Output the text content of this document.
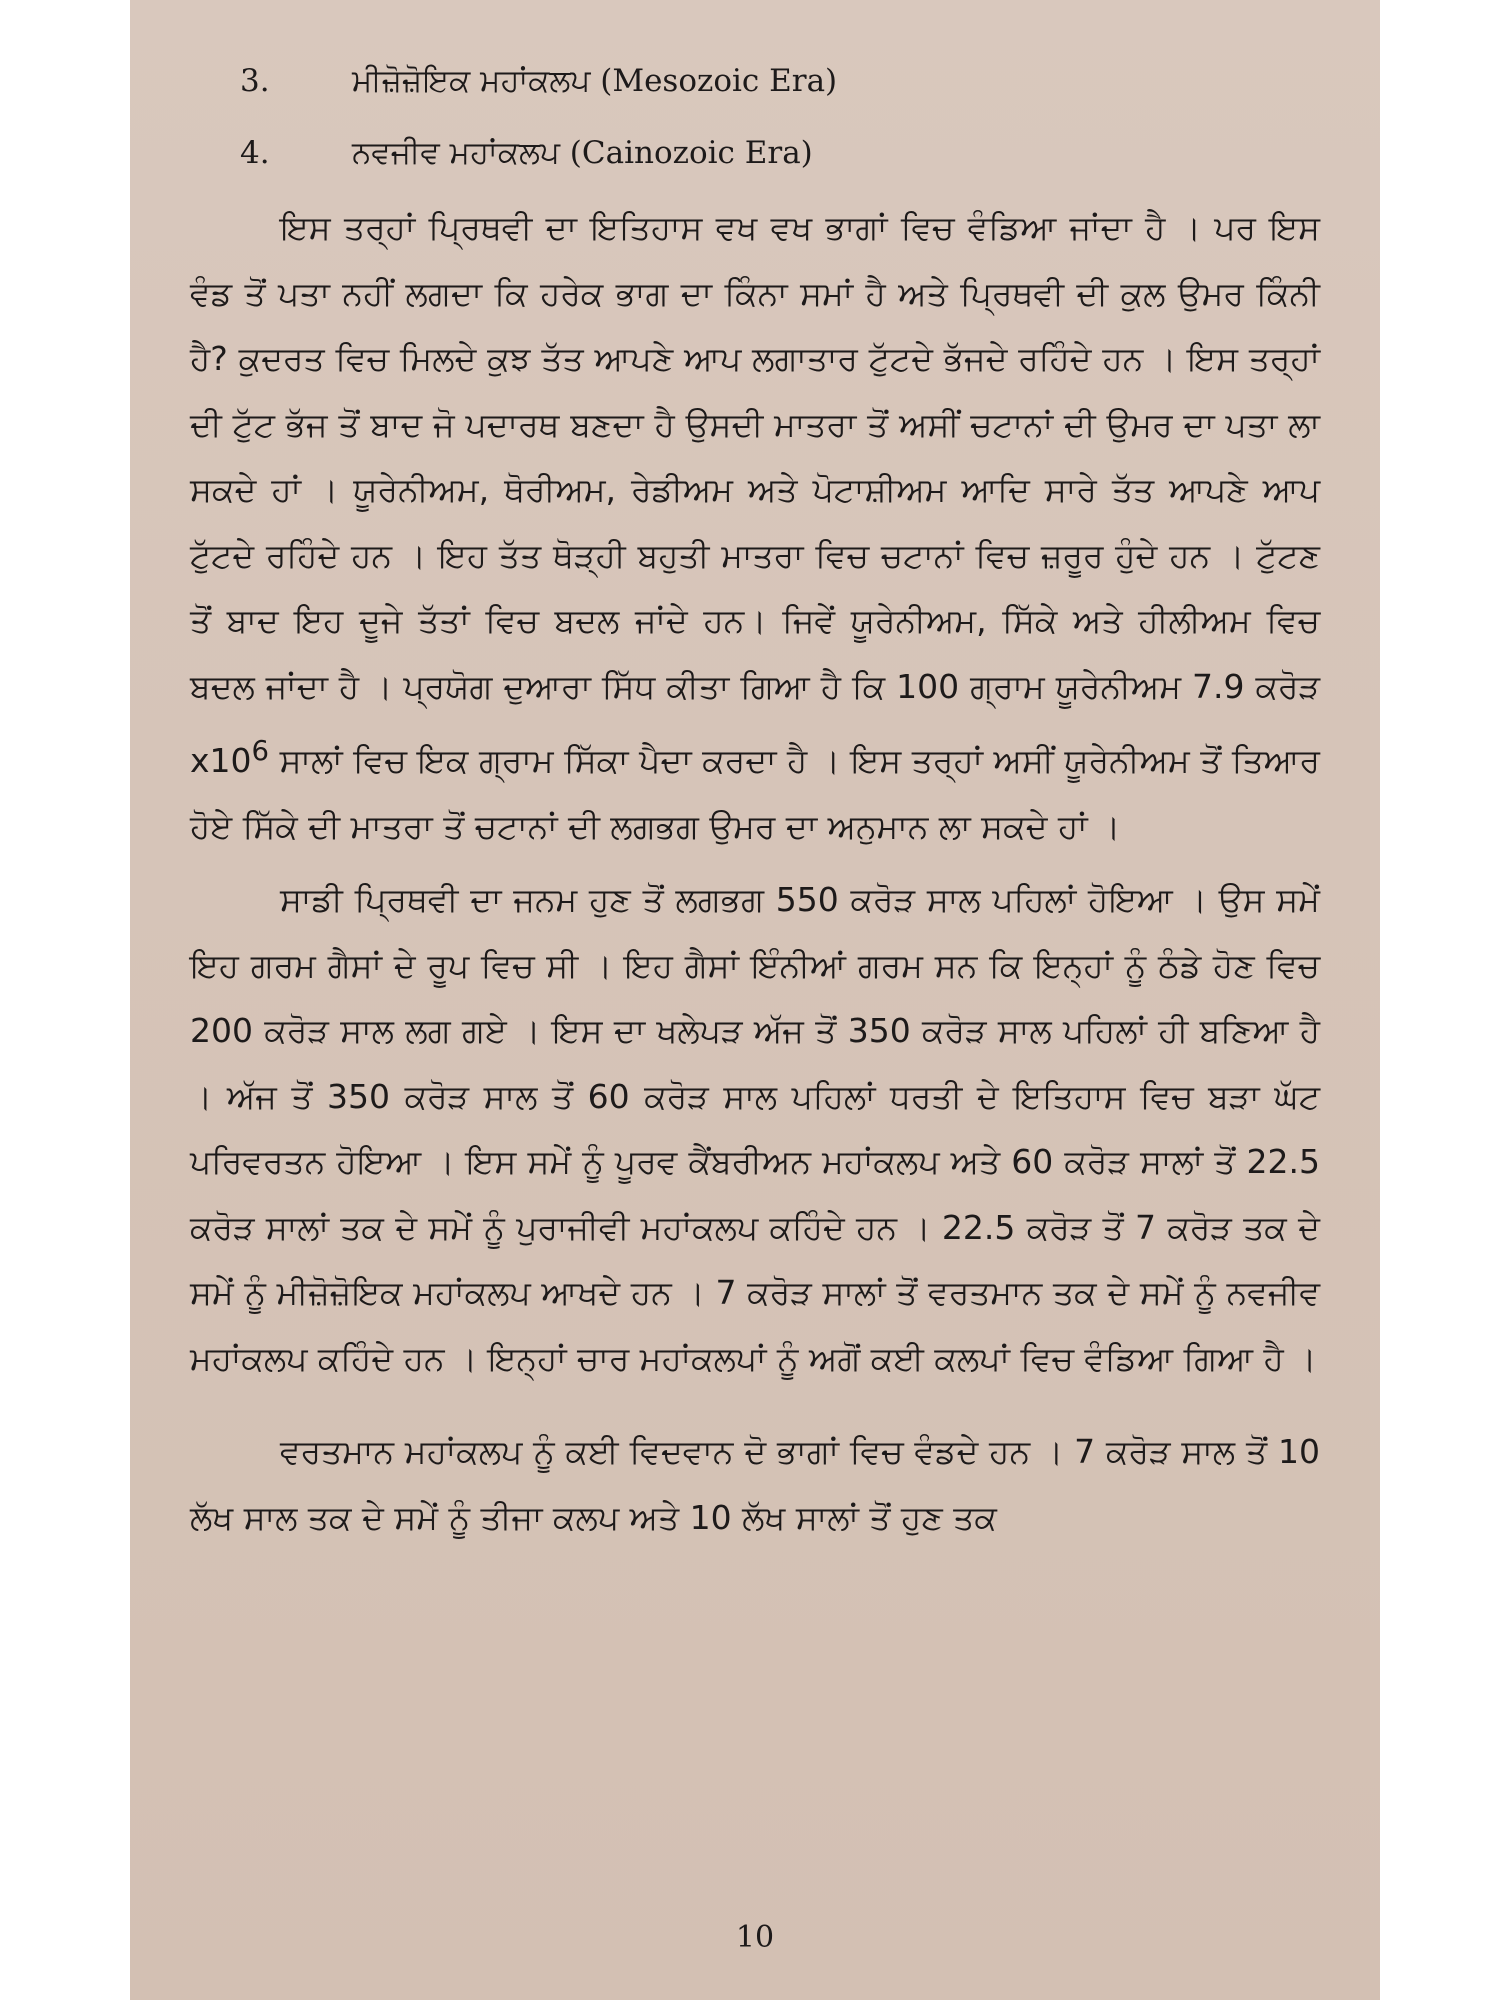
3.	ਮੀਜ਼ੋਜ਼ੋਇਕ ਮਹਾਂਕਲਪ (Mesozoic Era)
4.	ਨਵਜੀਵ ਮਹਾਂਕਲਪ (Cainozoic Era)

ਇਸ ਤਰ੍ਹਾਂ ਪ੍ਰਿਥਵੀ ਦਾ ਇਤਿਹਾਸ ਵਖ ਵਖ ਭਾਗਾਂ ਵਿਚ ਵੰਡਿਆ ਜਾਂਦਾ ਹੈ । ਪਰ ਇਸ ਵੰਡ ਤੋਂ ਪਤਾ ਨਹੀਂ ਲਗਦਾ ਕਿ ਹਰੇਕ ਭਾਗ ਦਾ ਕਿੰਨਾ ਸਮਾਂ ਹੈ ਅਤੇ ਪ੍ਰਿਥਵੀ ਦੀ ਕੁਲ ਉਮਰ ਕਿੰਨੀ ਹੈ? ਕੁਦਰਤ ਵਿਚ ਮਿਲਦੇ ਕੁਝ ਤੱਤ ਆਪਣੇ ਆਪ ਲਗਾਤਾਰ ਟੁੱਟਦੇ ਭੱਜਦੇ ਰਹਿੰਦੇ ਹਨ । ਇਸ ਤਰ੍ਹਾਂ ਦੀ ਟੁੱਟ ਭੱਜ ਤੋਂ ਬਾਦ ਜੋ ਪਦਾਰਥ ਬਣਦਾ ਹੈ ਉਸਦੀ ਮਾਤਰਾ ਤੋਂ ਅਸੀਂ ਚਟਾਨਾਂ ਦੀ ਉਮਰ ਦਾ ਪਤਾ ਲਾ ਸਕਦੇ ਹਾਂ । ਯੂਰੇਨੀਅਮ, ਥੋਰੀਅਮ, ਰੇਡੀਅਮ ਅਤੇ ਪੋਟਾਸ਼ੀਅਮ ਆਦਿ ਸਾਰੇ ਤੱਤ ਆਪਣੇ ਆਪ ਟੁੱਟਦੇ ਰਹਿੰਦੇ ਹਨ । ਇਹ ਤੱਤ ਥੋੜ੍ਹੀ ਬਹੁਤੀ ਮਾਤਰਾ ਵਿਚ ਚਟਾਨਾਂ ਵਿਚ ਜ਼ਰੂਰ ਹੁੰਦੇ ਹਨ । ਟੁੱਟਣ ਤੋਂ ਬਾਦ ਇਹ ਦੂਜੇ ਤੱਤਾਂ ਵਿਚ ਬਦਲ ਜਾਂਦੇ ਹਨ। ਜਿਵੇਂ ਯੂਰੇਨੀਅਮ, ਸਿੱਕੇ ਅਤੇ ਹੀਲੀਅਮ ਵਿਚ ਬਦਲ ਜਾਂਦਾ ਹੈ । ਪ੍ਰਯੋਗ ਦੁਆਰਾ ਸਿੱਧ ਕੀਤਾ ਗਿਆ ਹੈ ਕਿ 100 ਗ੍ਰਾਮ ਯੂਰੇਨੀਅਮ 7.9 ਕਰੋੜ $x10^6$ ਸਾਲਾਂ ਵਿਚ ਇਕ ਗ੍ਰਾਮ ਸਿੱਕਾ ਪੈਦਾ ਕਰਦਾ ਹੈ । ਇਸ ਤਰ੍ਹਾਂ ਅਸੀਂ ਯੂਰੇਨੀਅਮ ਤੋਂ ਤਿਆਰ ਹੋਏ ਸਿੱਕੇ ਦੀ ਮਾਤਰਾ ਤੋਂ ਚਟਾਨਾਂ ਦੀ ਲਗਭਗ ਉਮਰ ਦਾ ਅਨੁਮਾਨ ਲਾ ਸਕਦੇ ਹਾਂ ।

ਸਾਡੀ ਪ੍ਰਿਥਵੀ ਦਾ ਜਨਮ ਹੁਣ ਤੋਂ ਲਗਭਗ 550 ਕਰੋੜ ਸਾਲ ਪਹਿਲਾਂ ਹੋਇਆ । ਉਸ ਸਮੇਂ ਇਹ ਗਰਮ ਗੈਸਾਂ ਦੇ ਰੂਪ ਵਿਚ ਸੀ । ਇਹ ਗੈਸਾਂ ਇੰਨੀਆਂ ਗਰਮ ਸਨ ਕਿ ਇਨ੍ਹਾਂ ਨੂੰ ਠੰਡੇ ਹੋਣ ਵਿਚ 200 ਕਰੋੜ ਸਾਲ ਲਗ ਗਏ । ਇਸ ਦਾ ਖਲੇਪੜ ਅੱਜ ਤੋਂ 350 ਕਰੋੜ ਸਾਲ ਪਹਿਲਾਂ ਹੀ ਬਣਿਆ ਹੈ । ਅੱਜ ਤੋਂ 350 ਕਰੋੜ ਸਾਲ ਤੋਂ 60 ਕਰੋੜ ਸਾਲ ਪਹਿਲਾਂ ਧਰਤੀ ਦੇ ਇਤਿਹਾਸ ਵਿਚ ਬੜਾ ਘੱਟ ਪਰਿਵਰਤਨ ਹੋਇਆ । ਇਸ ਸਮੇਂ ਨੂੰ ਪੂਰਵ ਕੈਂਬਰੀਅਨ ਮਹਾਂਕਲਪ ਅਤੇ 60 ਕਰੋੜ ਸਾਲਾਂ ਤੋਂ 22.5 ਕਰੋੜ ਸਾਲਾਂ ਤਕ ਦੇ ਸਮੇਂ ਨੂੰ ਪੁਰਾਜੀਵੀ ਮਹਾਂਕਲਪ ਕਹਿੰਦੇ ਹਨ । 22.5 ਕਰੋੜ ਤੋਂ 7 ਕਰੋੜ ਤਕ ਦੇ ਸਮੇਂ ਨੂੰ ਮੀਜ਼ੋਜ਼ੋਇਕ ਮਹਾਂਕਲਪ ਆਖਦੇ ਹਨ । 7 ਕਰੋੜ ਸਾਲਾਂ ਤੋਂ ਵਰਤਮਾਨ ਤਕ ਦੇ ਸਮੇਂ ਨੂੰ ਨਵਜੀਵ ਮਹਾਂਕਲਪ ਕਹਿੰਦੇ ਹਨ । ਇਨ੍ਹਾਂ ਚਾਰ ਮਹਾਂਕਲਪਾਂ ਨੂੰ ਅਗੋਂ ਕਈ ਕਲਪਾਂ ਵਿਚ ਵੰਡਿਆ ਗਿਆ ਹੈ ।

ਵਰਤਮਾਨ ਮਹਾਂਕਲਪ ਨੂੰ ਕਈ ਵਿਦਵਾਨ ਦੋ ਭਾਗਾਂ ਵਿਚ ਵੰਡਦੇ ਹਨ । 7 ਕਰੋੜ ਸਾਲ ਤੋਂ 10 ਲੱਖ ਸਾਲ ਤਕ ਦੇ ਸਮੇਂ ਨੂੰ ਤੀਜਾ ਕਲਪ ਅਤੇ 10 ਲੱਖ ਸਾਲਾਂ ਤੋਂ ਹੁਣ ਤਕ

10
